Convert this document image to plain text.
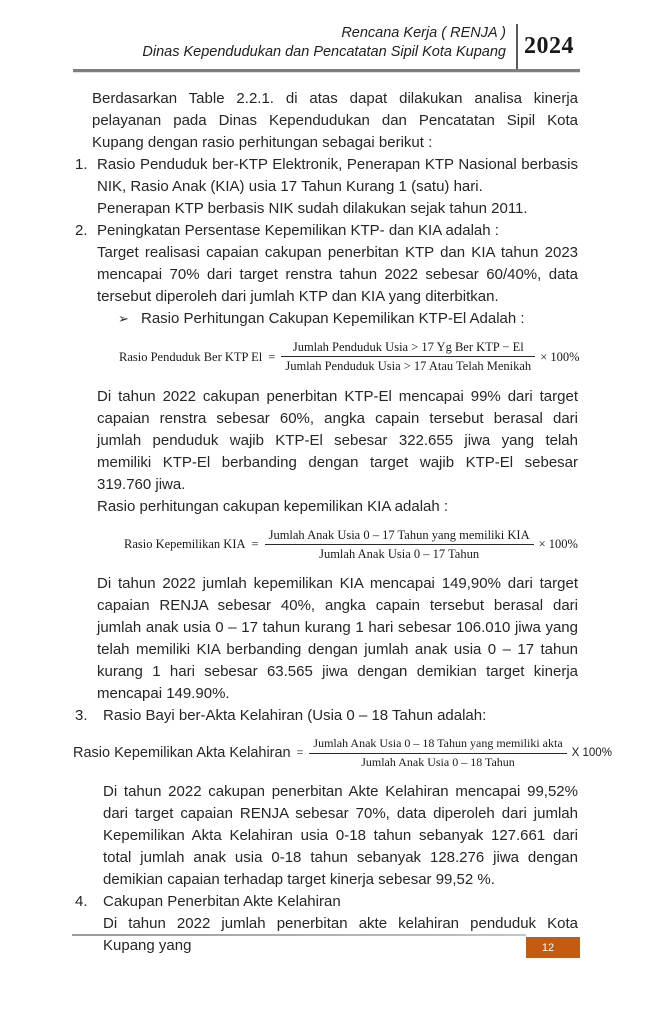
Rencana Kerja ( RENJA )
Dinas Kependudukan dan Pencatatan Sipil Kota Kupang 2024

Berdasarkan Table 2.2.1. di atas dapat dilakukan analisa kinerja pelayanan pada Dinas Kependudukan dan Pencatatan Sipil Kota Kupang dengan rasio perhitungan sebagai berikut :

1. Rasio Penduduk ber-KTP Elektronik, Penerapan KTP Nasional berbasis NIK, Rasio Anak (KIA) usia 17 Tahun Kurang 1 (satu) hari.

Penerapan KTP berbasis NIK sudah dilakukan sejak tahun 2011.

2. Peningkatan Persentase Kepemilikan KTP- dan KIA adalah :

Target realisasi capaian cakupan penerbitan KTP dan KIA tahun 2023 mencapai 70% dari target renstra tahun 2022 sebesar 60/40%, data tersebut diperoleh dari jumlah KTP dan KIA yang diterbitkan.

➢ Rasio Perhitungan Cakupan Kepemilikan KTP-El Adalah :
Rasio Penduduk Ber KTP $El = \frac{\text{Jumlah Penduduk Usia > 17 Yg Ber KTP − El}}{\text{Jumlah Penduduk Usia > 17 Atau Telah Menikah}} \times 100\%$

Di tahun 2022 cakupan penerbitan KTP-El mencapai 99% dari target capaian renstra sebesar 60%, angka capain tersebut berasal dari jumlah penduduk wajib KTP-El sebesar 322.655 jiwa yang telah memiliki KTP-El berbanding dengan target wajib KTP-El sebesar 319.760 jiwa.

Rasio perhitungan cakupan kepemilikan KIA adalah :

Rasio Kepemilikan KIA = $\frac{\text{Jumlah Anak Usia 0 – 17 Tahun yang memiliki KIA}}{\text{Jumlah Anak Usia 0 – 17 Tahun}} \times 100\%$

Di tahun 2022 jumlah kepemilikan KIA mencapai 149,90% dari target capaian RENJA sebesar 40%, angka capain tersebut berasal dari jumlah anak usia 0 – 17 tahun kurang 1 hari sebesar 106.010 jiwa yang telah memiliki KIA berbanding dengan jumlah anak usia 0 – 17 tahun kurang 1 hari sebesar 63.565 jiwa dengan demikian target kinerja mencapai 149.90%.

3.	Rasio Bayi ber-Akta Kelahiran (Usia 0 – 18 Tahun adalah:

Rasio Kepemilikan Akta Kelahiran = $\frac{\text{Jumlah Anak Usia 0 – 18 Tahun yang memiliki akta}}{\text{Jumlah Anak Usia 0 – 18 Tahun}}$ X 100%

Di tahun 2022 cakupan penerbitan Akte Kelahiran mencapai 99,52% dari target capaian RENJA sebesar 70%, data diperoleh dari jumlah Kepemilikan Akta Kelahiran usia 0-18 tahun sebanyak 127.661 dari total jumlah anak usia 0-18 tahun sebanyak 128.276 jiwa dengan demikian capaian terhadap target kinerja sebesar 99,52 %.

4.	Cakupan Penerbitan Akte Kelahiran

Di tahun 2022 jumlah penerbitan akte kelahiran penduduk Kota Kupang yang	12
